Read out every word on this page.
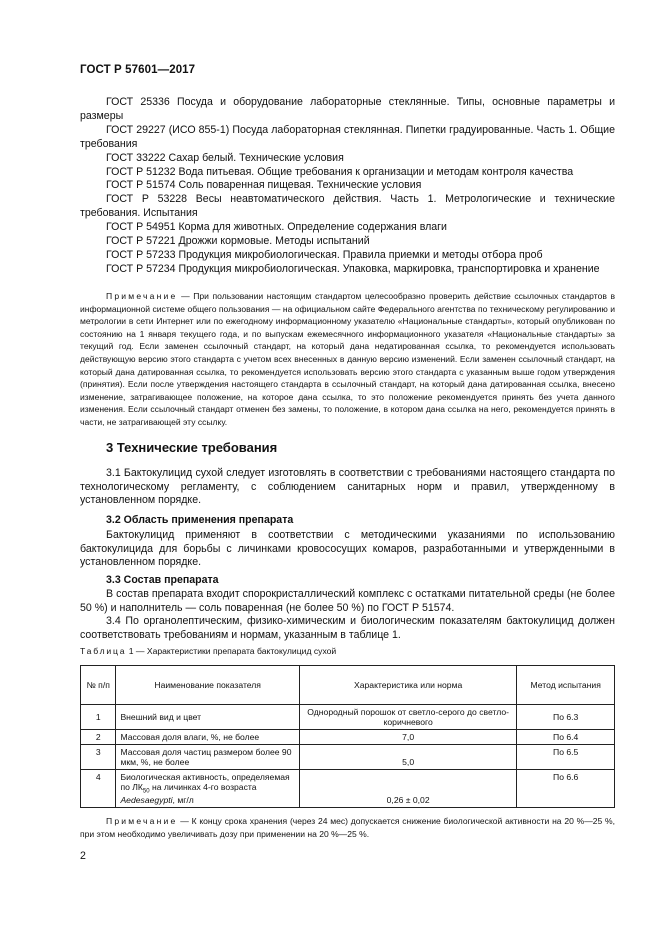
ГОСТ Р 57601—2017
ГОСТ 25336 Посуда и оборудование лабораторные стеклянные. Типы, основные параметры и размеры
ГОСТ 29227 (ИСО 855-1) Посуда лабораторная стеклянная. Пипетки градуированные. Часть 1. Общие требования
ГОСТ 33222 Сахар белый. Технические условия
ГОСТ Р 51232 Вода питьевая. Общие требования к организации и методам контроля качества
ГОСТ Р 51574 Соль поваренная пищевая. Технические условия
ГОСТ Р 53228 Весы неавтоматического действия. Часть 1. Метрологические и технические требования. Испытания
ГОСТ Р 54951 Корма для животных. Определение содержания влаги
ГОСТ Р 57221 Дрожжи кормовые. Методы испытаний
ГОСТ Р 57233 Продукция микробиологическая. Правила приемки и методы отбора проб
ГОСТ Р 57234 Продукция микробиологическая. Упаковка, маркировка, транспортировка и хранение
Примечание — При пользовании настоящим стандартом целесообразно проверить действие ссылочных стандартов в информационной системе общего пользования — на официальном сайте Федерального агентства по техническому регулированию и метрологии в сети Интернет или по ежегодному информационному указателю «Национальные стандарты», который опубликован по состоянию на 1 января текущего года, и по выпускам ежемесячного информационного указателя «Национальные стандарты» за текущий год. Если заменен ссылочный стандарт, на который дана недатированная ссылка, то рекомендуется использовать действующую версию этого стандарта с учетом всех внесенных в данную версию изменений. Если заменен ссылочный стандарт, на который дана датированная ссылка, то рекомендуется использовать версию этого стандарта с указанным выше годом утверждения (принятия). Если после утверждения настоящего стандарта в ссылочный стандарт, на который дана датированная ссылка, внесено изменение, затрагивающее положение, на которое дана ссылка, то это положение рекомендуется принять без учета данного изменения. Если ссылочный стандарт отменен без замены, то положение, в котором дана ссылка на него, рекомендуется принять в части, не затрагивающей эту ссылку.
3 Технические требования
3.1 Бактокулицид сухой следует изготовлять в соответствии с требованиями настоящего стандарта по технологическому регламенту, с соблюдением санитарных норм и правил, утвержденному в установленном порядке.
3.2 Область применения препарата
Бактокулицид применяют в соответствии с методическими указаниями по использованию бактокулицида для борьбы с личинками кровососущих комаров, разработанными и утвержденными в установленном порядке.
3.3 Состав препарата
В состав препарата входит спорокристаллический комплекс с остатками питательной среды (не более 50 %) и наполнитель — соль поваренная (не более 50 %) по ГОСТ Р 51574.
3.4 По органолептическим, физико-химическим и биологическим показателям бактокулицид должен соответствовать требованиям и нормам, указанным в таблице 1.
Таблица 1 — Характеристики препарата бактокулицид сухой
№ п/п	Наименование показателя	Характеристика или норма	Метод испытания
1	Внешний вид и цвет	Однородный порошок от светло-серого до светло-коричневого	По 6.3
2	Массовая доля влаги, %, не более	7,0	По 6.4
3	Массовая доля частиц размером более 90 мкм, %, не более	5,0	По 6.5
4	Биологическая активность, определяемая по $ЛК_{50}$ на личинках 4-го возраста Aedesaegypti, мг/л	0,26 ± 0,02	По 6.6
Примечание — К концу срока хранения (через 24 мес) допускается снижение биологической активности на 20 %—25 %, при этом необходимо увеличивать дозу при применении на 20 %—25 %.
2
